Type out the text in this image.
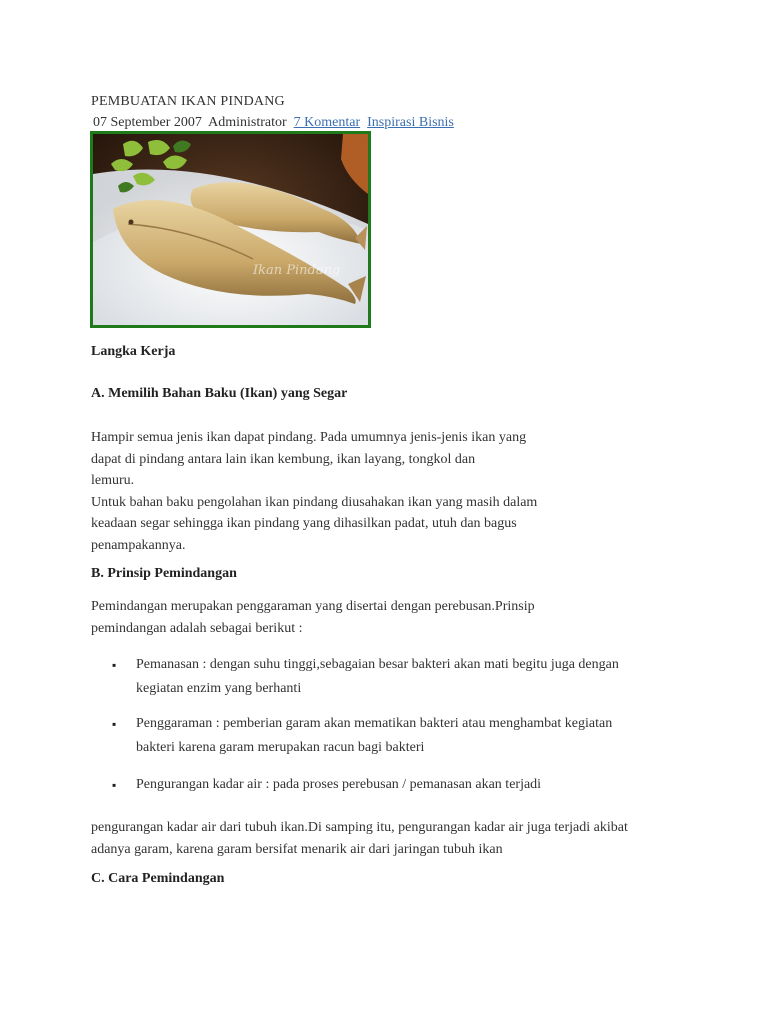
PEMBUATAN IKAN PINDANG
07 September 2007 Administrator 7 Komentar Inspirasi Bisnis
Ikan Pindang
Langka Kerja
A. Memilih Bahan Baku (Ikan) yang Segar
Hampir semua jenis ikan dapat pindang. Pada umumnya jenis-jenis ikan yang
dapat di pindang antara lain ikan kembung, ikan layang, tongkol dan
lemuru.
Untuk bahan baku pengolahan ikan pindang diusahakan ikan yang masih dalam
keadaan segar sehingga ikan pindang yang dihasilkan padat, utuh dan bagus
penampakannya.
B. Prinsip Pemindangan
Pemindangan merupakan penggaraman yang disertai dengan perebusan.Prinsip
pemindangan adalah sebagai berikut :
▪ Pemanasan : dengan suhu tinggi,sebagaian besar bakteri akan mati begitu juga dengan
kegiatan enzim yang berhanti
▪ Penggaraman : pemberian garam akan mematikan bakteri atau menghambat kegiatan
bakteri karena garam merupakan racun bagi bakteri
▪ Pengurangan kadar air : pada proses perebusan / pemanasan akan terjadi
pengurangan kadar air dari tubuh ikan.Di samping itu, pengurangan kadar air juga terjadi akibat
adanya garam, karena garam bersifat menarik air dari jaringan tubuh ikan
C. Cara Pemindangan
